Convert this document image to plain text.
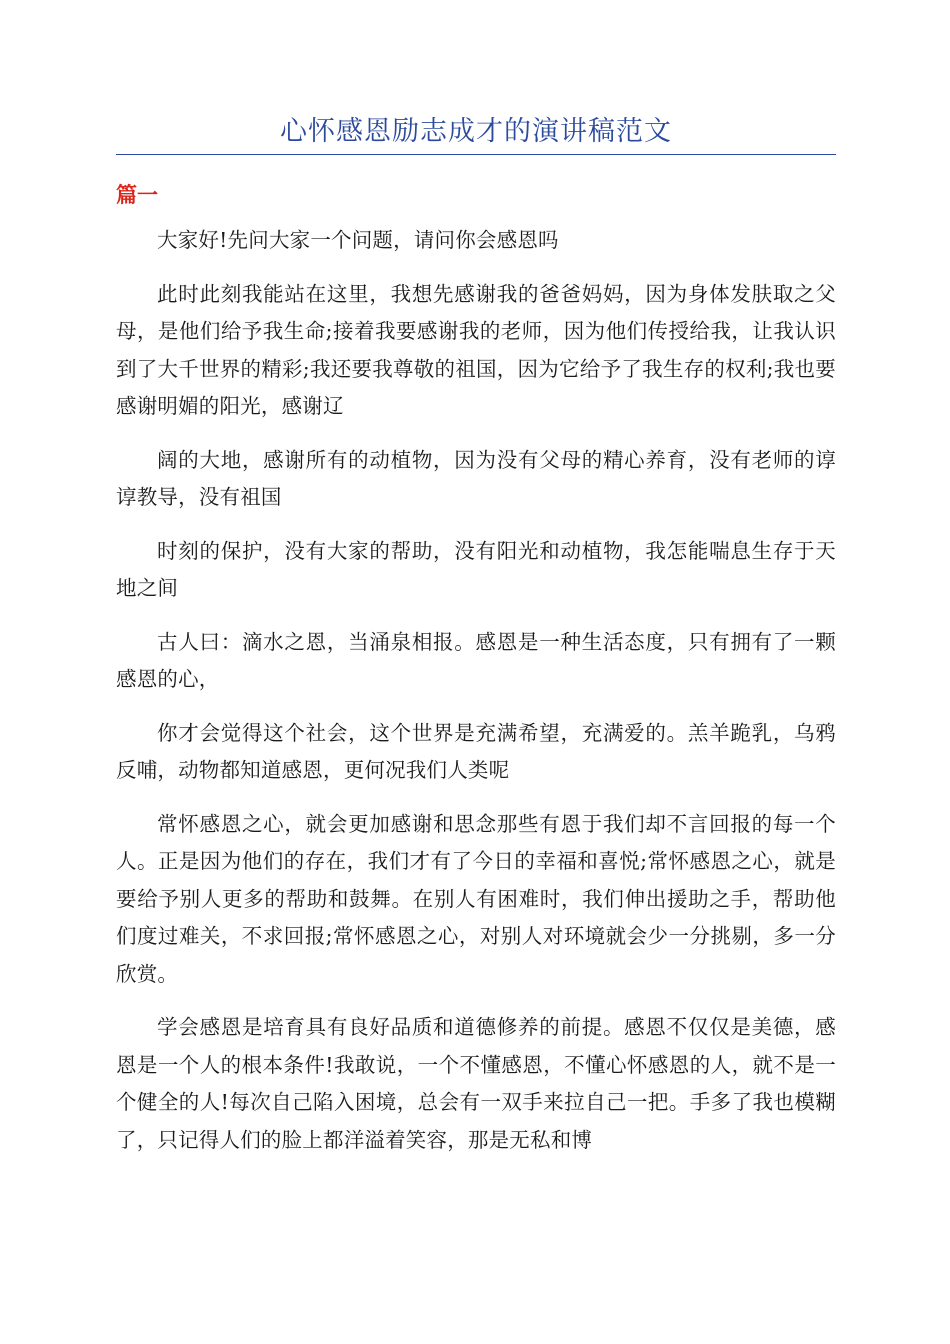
心怀感恩励志成才的演讲稿范文
篇一

大家好!先问大家一个问题，请问你会感恩吗

此时此刻我能站在这里，我想先感谢我的爸爸妈妈，因为身体发肤取之父母，是他们给予我生命;接着我要感谢我的老师，因为他们传授给我，让我认识到了大千世界的精彩;我还要我尊敬的祖国，因为它给予了我生存的权利;我也要感谢明媚的阳光，感谢辽

阔的大地，感谢所有的动植物，因为没有父母的精心养育，没有老师的谆谆教导，没有祖国

时刻的保护，没有大家的帮助，没有阳光和动植物，我怎能喘息生存于天地之间

古人曰：滴水之恩，当涌泉相报。感恩是一种生活态度，只有拥有了一颗感恩的心，

你才会觉得这个社会，这个世界是充满希望，充满爱的。羔羊跪乳，乌鸦反哺，动物都知道感恩，更何况我们人类呢

常怀感恩之心，就会更加感谢和思念那些有恩于我们却不言回报的每一个人。正是因为他们的存在，我们才有了今日的幸福和喜悦;常怀感恩之心，就是要给予别人更多的帮助和鼓舞。在别人有困难时，我们伸出援助之手，帮助他们度过难关，不求回报;常怀感恩之心，对别人对环境就会少一分挑剔，多一分欣赏。

学会感恩是培育具有良好品质和道德修养的前提。感恩不仅仅是美德，感恩是一个人的根本条件!我敢说，一个不懂感恩，不懂心怀感恩的人，就不是一个健全的人!每次自己陷入困境，总会有一双手来拉自己一把。手多了我也模糊了，只记得人们的脸上都洋溢着笑容，那是无私和博
